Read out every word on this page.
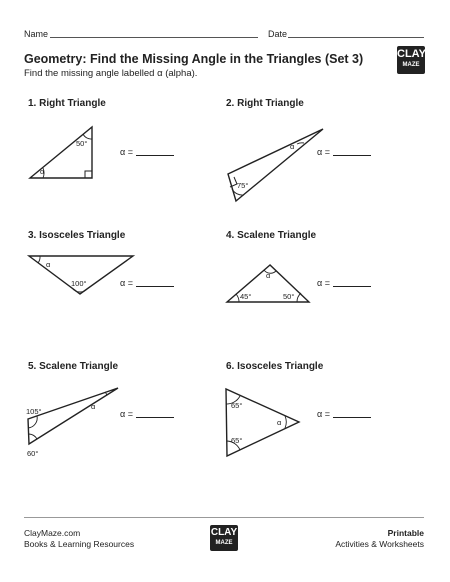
Name	Date
Geometry: Find the Missing Angle in the Triangles (Set 3)
Find the missing angle labelled α (alpha).
CLAY
MAZE
1. Right Triangle	2. Right Triangle
3. Isosceles Triangle	4. Scalene Triangle
5. Scalene Triangle	6. Isosceles Triangle
α =	α =
α =	α =
α =	α =
50°
α
α
75°
α
100°
α
45°	50°
105°
α
60°
65°
α
65°
ClayMaze.com
Books & Learning Resources
CLAY
MAZE
Printable
Activities & Worksheets
